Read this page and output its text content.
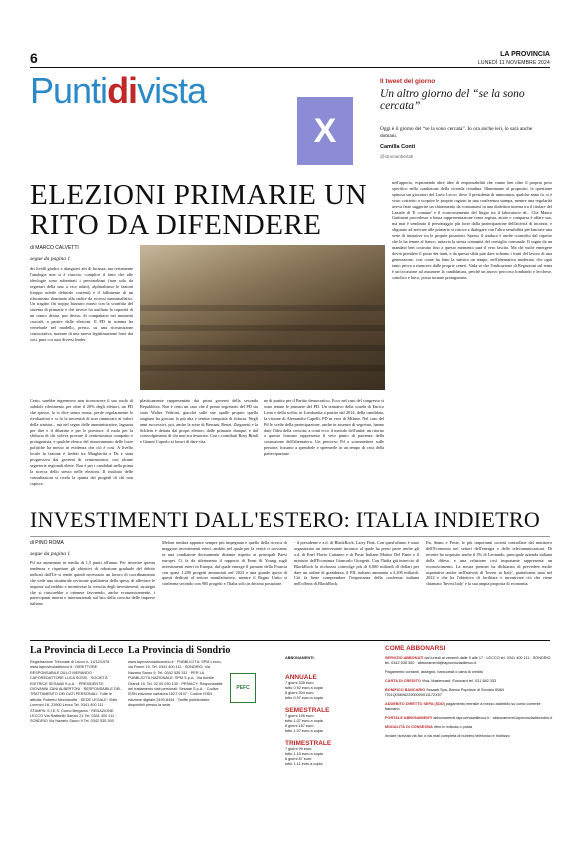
6	LA PROVINCIA
LUNEDÌ 11 NOVEMBRE 2024
Puntidivista
X
Il tweet del giorno
Un altro giorno del “se la sono cercata”
Oggi è il giorno del “se la sono cercata”. Io ora anche ieri, lo sarà anche domani.
Camilla Conti
@strumanberlab
ELEZIONI PRIMARIE UN RITO DA DIFENDERE
di MARCO CALVETTI
segue da pagina 1
dis livelli giudici e abrigativi atti di lucussa, ma certamente l'analogia non si è riuscito, complice il fatto che alle ideologie sono subentrati i personalismi (non solo da segretari della uno a vice ndati), alpluralismo le fazioni (troppo nobile definirle correnti) e il fallimento di un riformismo dominato alla radice da eccessi massimalistici. Un tragitto fin troppo bizzarro morto con la sconfitta del sistema di primarie e che invece ha assiltato la capacità di un centro destra, pur diviso, di compattarsi nei momenti cruciali, a partire dalle elezioni. Il PD in somma ha vertebrale nel modello, presto, su una ricostruzione consociativa, nazione di una nuova legittimazione forte dai voti, pure coi suoi diversi leader.
Certo, sarebbe ingeneroso non riconoscere il suo ruolo di subdole riferimento per oltre il 20% degli elettori, un PD che spesso, lo si dice senza ironia, perde regolarmente le rivoltazioni e si fa la necessità di non rinunciare ai valori della sinistra... ma nel segno delle amministrative, lagrazia per dire e il dibattito e per le province, il ruolo per la sfiducia di chi voleva provare il centrosinistra compatto e protagonista, e qualche elenco del rinnovamento delle forze politiche ha messo in evidenza che ciò è così. A livello locale la fazione è freddo tra Margherita e Ds e stata progressiva dai governi di centrosinistra, con alcune segreterie regionali elette. Non è per i candidati nella prima la ricerca dello stesso nelle elezioni. Il risultato delle consultazioni si rivela la quinta dei progetti di chi non capisce.
plasticamente rappresentato dai primi governi della seconda Repubblica. Non è certo un caso che il primo segretario del PD sia stato Walter Veltroni, giacché sulle sue spalle proprio quella stagione ha giocato la più alta e sentita conquista di fiducia. Negli anni successivi, poi, anche la sorte di Bersani, Renzi, Zingaretti e la Schlein è dettata dai propri elettori, dalle primarie dunque, e dal coinvolgimento di chi non era tesserato. Con i contributi Rosy Bindi e Gianni Cuperlo ai lavori di dare vita.
ne di partito per il Partito democratico. Ecco nel caso del congresso si sono tenute le primarie del PD. Un tentativo della scuola di Enrico Letta e della scelta, in Lombardia a partire dal 2014, della candidata, la visione di Alessandro Capelli, PD in vece di Milano. Nel caso del Pd le scelte della partecipazione, anche in assenza di segretari, hanno dato l'idea della crescita; a conti ecco il metodo dell'unità: un ritorno a questo formato rappresenta il vero punto di partenza della costruzione dell'alternativa. Un percorso Pd a scommettere sulle persone, fossimo a spenderle e spremerle in un tempo di crisi della partecipazione.
ned'apporto, esprimendo altre idee di responsabilità che vanno ben oltre il proprio peso specifico nella condizione della vicenda cittadina. Illuminante al proposito, la questione spinosa sui giocatori del Lario Lecco, dove il presidente di minoranza, qualche anno fa, si è visto costretto a scoprire le proprie ragioni in una conferenza stampa, mentre una regolarità aveva fatto suggerire un chiarimento da consumarsi in una dialettica interna tra il titolare del Laziale di 'Il comune' e il sconcertamento del litigio tra il laboratorio di... Che Mauro Gattinoni procedesse a bassa rappresentazione come regista, attore e comparsa è affare suo, ma mai è sembrato il personaggio più forte dalla partecipazione dell'attività di incontri, e sfigurato ad arrivare alle primarie si ritrova a dialogare con l'altra sensibilità per lanciare una serie di iniziative tra le proprie posizioni. Spesso il sindaco è anche coinvolto dal rispetto che le ha tenute al fianco, tuttavia la stessa comunità del consiglio comunale. Il sogno da un mandato ben costruito fino a questo momento sarà il vero lascito. Ma chi vuole emergere dovrà prendere il posto dei tanti, e da questa sfida può dare soltanto i frutti del lavoro di una generazione, così come ha fatto la sinistra un tempo, nell'alternativa moderata, che ogni tanto prova a rinascere dalle proprie ceneri. Vada sé che l'indicazione di Regazzoni sul tema è un'occasione ad assumere la candidatura, perché un nuovo percorso lombardo e lecchese, cattolico e laico, possa tornare protagonista.
INVESTIMENTI DALL'ESTERO: ITALIA INDIETRO
di PINO ROMA
segue da pagina 1
Pil sia aumentato in media di 1,5 punti all'anno. Per invertire questa tendenza e rispettare gli obiettivi di riduzione graduale del debito indicati dall'Ue si rende quindi necessario un lavoro di coordinamento che vede una strutturale revisione qualitativa della spesa, di alleviare le imposte sul reddito e incentivare la crescita degli investimenti, strategia che si riuscirebbe a ottenere favorendo, anche economicamente, i partecipanti interni e internazionali sul lato della crescita delle imprese italiane.
Meloni sembra apparire sempre più impegnata e quello della ricerca di maggiori investimenti esteri, ambito nel quale per la verità ci troviamo in una condizione decisamente distante rispetto ai principali Paesi europei. Ci fa da riferimento il rapporto di Ernst & Young sugli investimenti esteri in Europa, dal quale emerge il primato della Francia con quasi 1.200 progetti annunciati nel 2023 e una grande quota di questi dedicati al settore manifatturiero, mentre il Regno Unito si conferma secondo con 985 progetti e l'Italia solo in decima posizione.
- il presidente e a.d. di BlackRock, Larry Fink. Con quest'ultimo è stato organizzato un interessante incontro al quale ha preso parte anche gli a.d. di Enel Flavio Cattaneo e di Poste Italiane Matteo Del Fante e il ministro dell'Economia Giancarlo Giorgetti. Con l'Italia già intreccio di BlackRock la ricchezza coinvolge più di 8.000 miliardi di dollari per dare un ordine di grandezza, il PIL italiano ammonta a 2.200 miliardi. Ciò fa bene comprendere l'importanza della conferma italiana nell'offerta di BlackRock.
En, Snam e Poste, le più importanti società controllate dal ministero dell'Economia nei settori dell'energia e delle telecomunicazioni. Di recente ha acquisito anche il 3% di Leonardo, principale azienda italiana della difesa, e una relazione così importante rappresenta un riconoscimento. La nostra premier ha dichiarato di prevedere molte aspettative anche nell'attività di 'Invest in Italy', piattaforma nata nel 2022 e che ha l'obiettivo di facilitare e incentivare ciò che viene chiamato 'Invest Italy' e la sua ampia proposta di economia.
La Provincia di Lecco La Provincia di Sondrio
Registrazione Tribunale di Lecco n. 14/12/1978 · www.laprovinciadilecco.it · DIRETTORE RESPONSABILE DILLO MERANDO · CAPOREDATTORE LUCA SOSSI · SOCIETÀ EDITRICE SESAAB S.p.A. · PRESIDENTE: GIOVANNI ZANI ALBERTONI · RESPONSABILE DEL TRATTAMENTO DEI DATI PERSONALI: Tutte le attività: Roberto Mezzanotte · SEDE LEGALE: Viale Lorenzo 18, 23900 Lecco Tel. 0341 400 111 · STAMPA: S.I.E.S. Curno Bergamo · REDAZIONE: LECCO Via Raffaello Sanzio 21 Tel. 0341 400 111 · SONDRIO Via Nazario Sauro 9 Tel. 0342 535 300
www.laprovinciadisondrio.it · PUBBLICITÀ: SPM Lecco, via Fiume 19, Tel. 0341 400 111 · SONDRIO: Via Nazario Sauro 9, Tel. 0342 535 311 · PER LA PUBBLICITÀ NAZIONALE: SPM S.p.A., Via Achille Grandi 19, Tel. 02 00 030 130 · PRIVACY: Responsabile del trattamento dati personali: Sesaab S.p.A. · Codice ISSN edizione cartacea 1827-9147 · Codice ISSN edizione digitale 2493-8494 · Tariffe pubblicitarie disponibili presso la sede
PEFC
ABBONAMENTI:
ANNUALE
7 giorni 335 euro
tutto 0,92 euro a copia
6 giorni 304 euro
tutto 0,97 euro a copia
SEMESTRALE
7 giorni 195 euro
tutto 1,07 euro a copia
6 giorni 167 euro
tutto 1,07 euro a copia
TRIMESTRALE
7 giorni 99 euro
tutto 1,10 euro a copia
6 giorni 87 euro
tutto 1,11 euro a copia
COME ABBONARSI
SERVIZIO ABBONATI dal lunedì al venerdì dalle 9 alle 17 · LECCO tel. 0341 400 111 · SONDRIO tel. 0342 535 300 · abbonamenti@laprovinciadilecco.it
Pagamento contanti, assegno, bancomat o carta di credito
CARTA DI CREDITO Visa, Mastercard, Eurocard tel. 031 582 333
BONIFICO BANCARIO Sesaab Spa, Banca Popolare di Sondrio IBAN IT61Q0569622900000011172X57
ADDEBITO DIRETTO SEPA (SDD) pagamento mensile a mezzo addebito su conto corrente bancario
PORTALE ABBONAMENTI abbonamenti.laprovinciadilecco.it · abbonamenti.laprovinciadisondrio.it
MODALITÀ DI CONSEGNA ritiro in edicola o posta
Inviare ricevuta via fax o via mail completa di numero telefonico e indirizzo
